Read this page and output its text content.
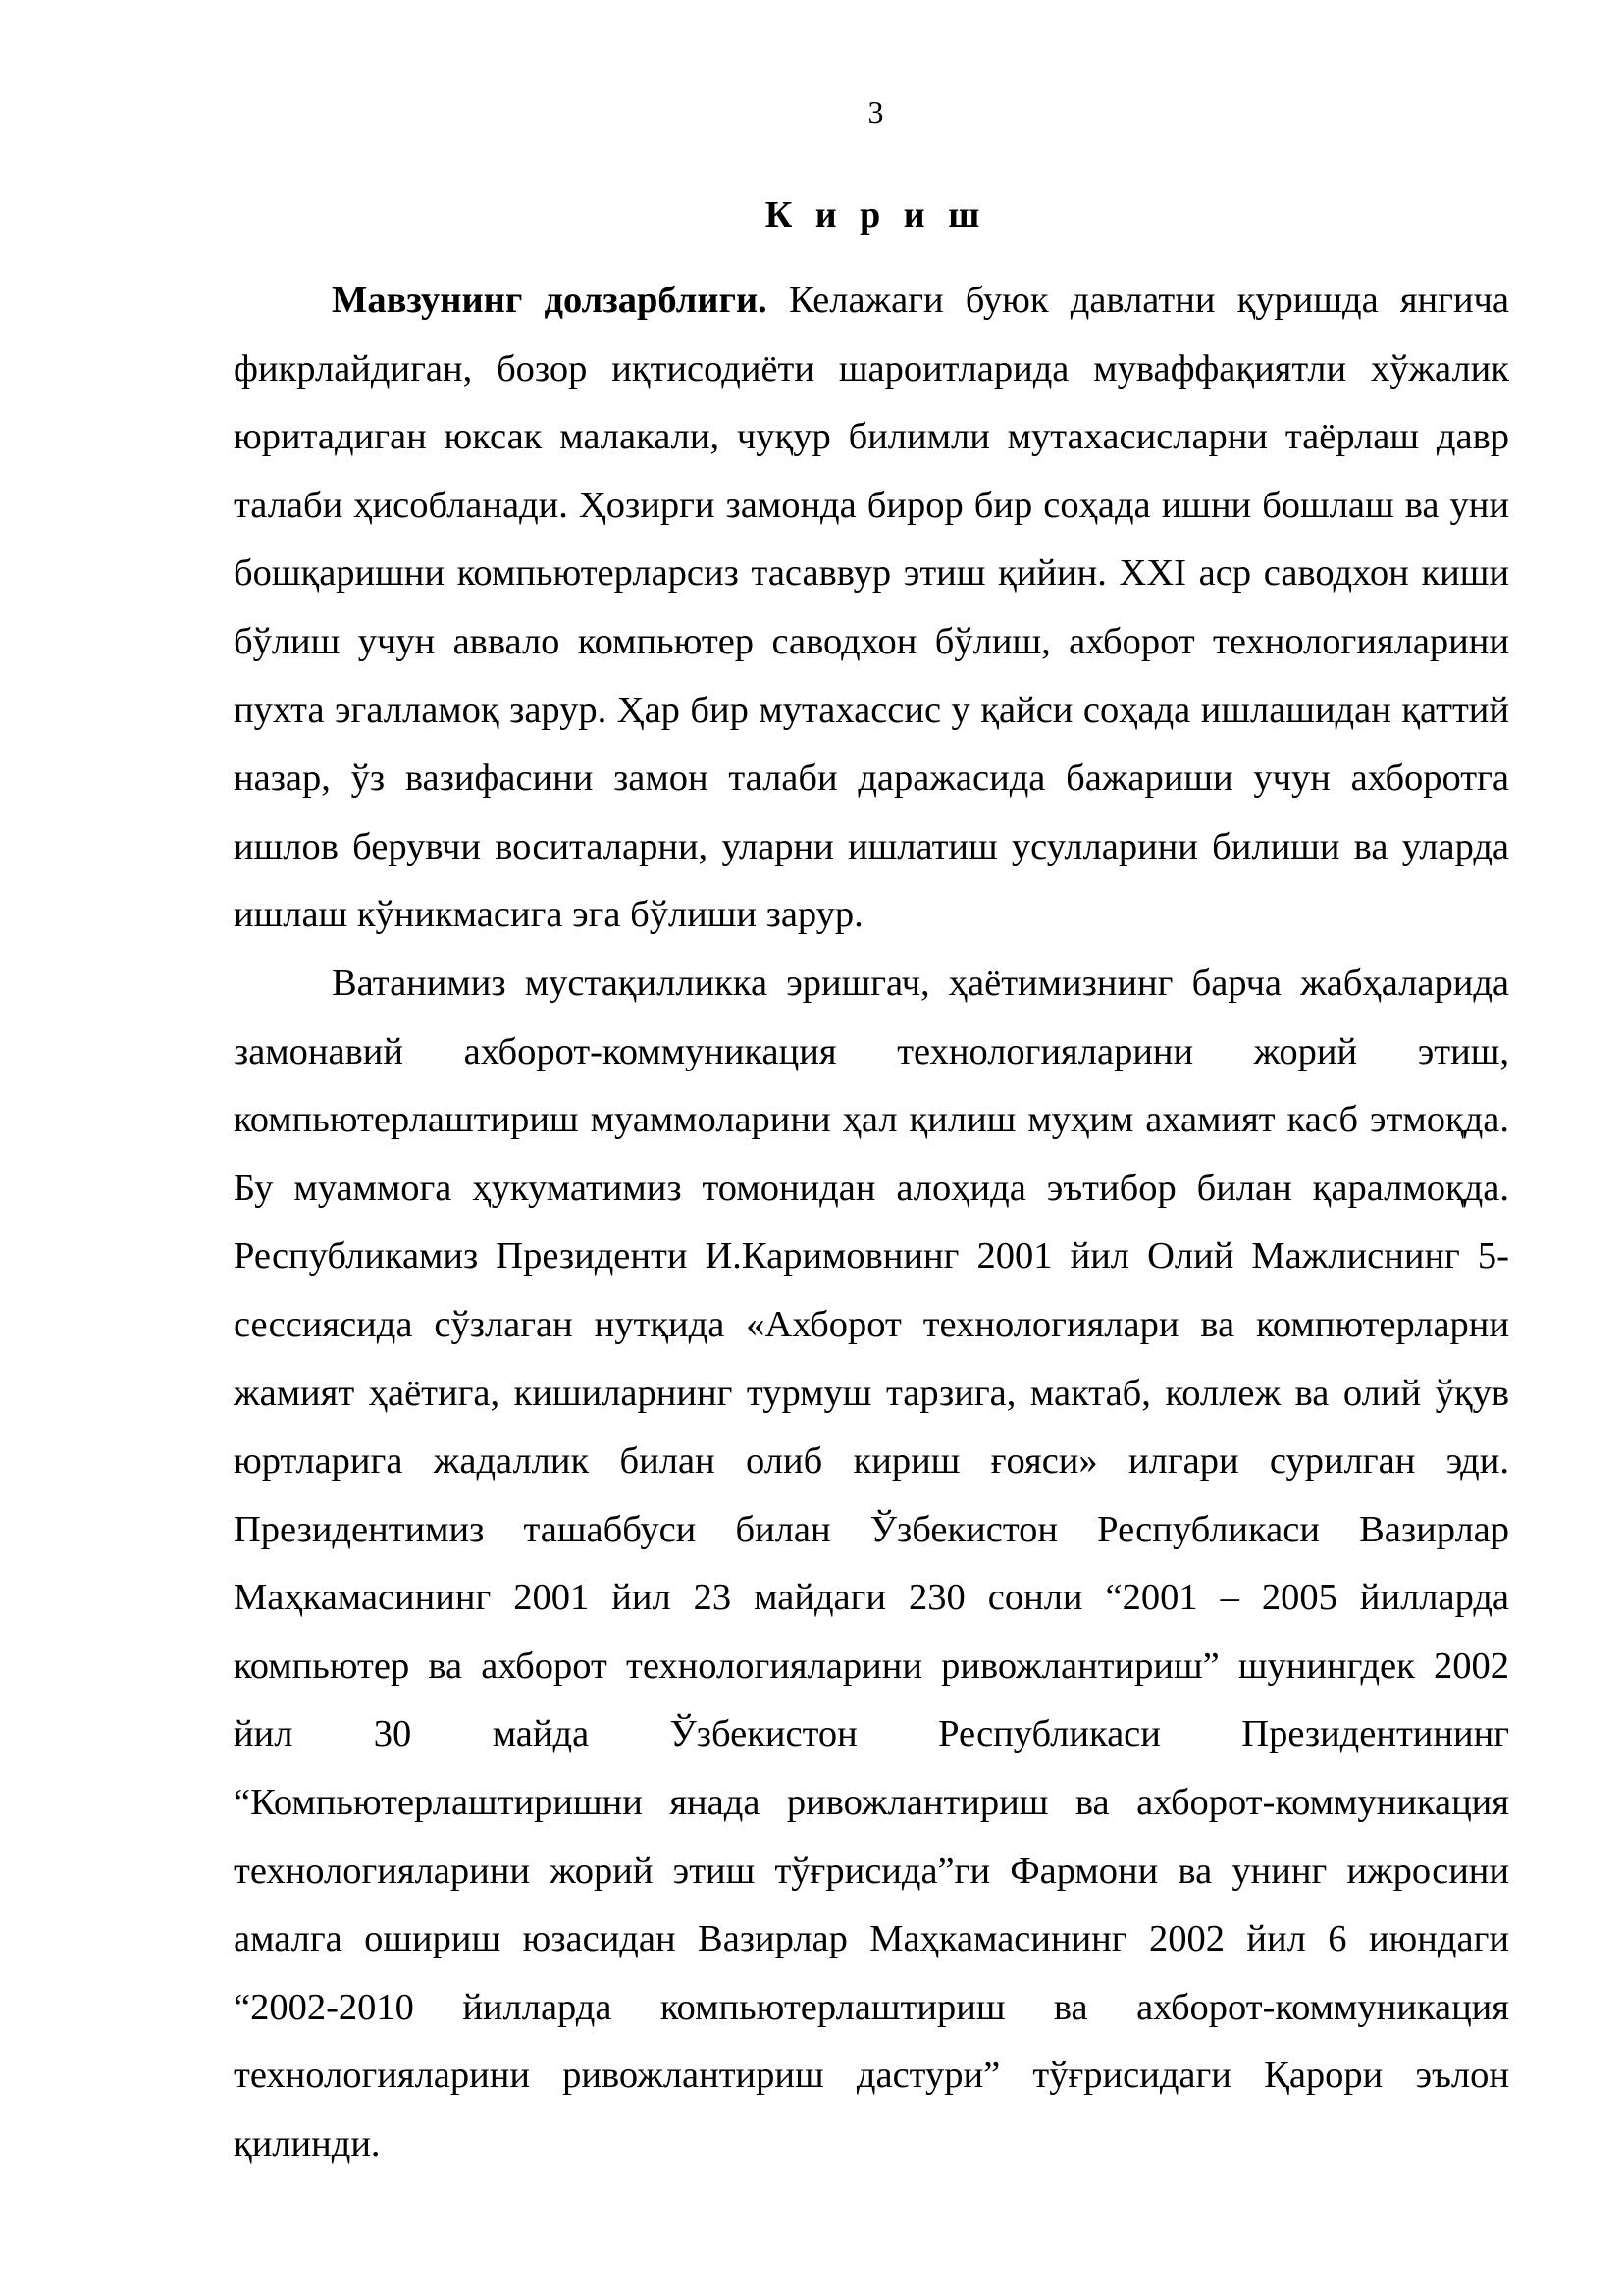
3
К и р и ш

Мавзунинг долзарблиги. Келажаги буюк давлатни қуришда янгича фикрлайдиган, бозор иқтисодиёти шароитларида муваффақиятли хўжалик юритадиган юксак малакали, чуқур билимли мутахасисларни таёрлаш давр талаби ҳисобланади. Ҳозирги замонда бирор бир соҳада ишни бошлаш ва уни бошқаришни компьютерларсиз тасаввур этиш қийин. XXI аср саводхон киши бўлиш учун аввало компьютер саводхон бўлиш, ахборот технологияларини пухта эгалламоқ зарур. Ҳар бир мутахассис у қайси соҳада ишлашидан қаттий назар, ўз вазифасини замон талаби даражасида бажариши учун ахборотга ишлов берувчи воситаларни, уларни ишлатиш усулларини билиши ва уларда ишлаш кўникмасига эга бўлиши зарур.

Ватанимиз мустақилликка эришгач, ҳаётимизнинг барча жабҳаларида замонавий ахборот-коммуникация технологияларини жорий этиш, компьютерлаштириш муаммоларини ҳал қилиш муҳим ахамият касб этмоқда. Бу муаммога ҳукуматимиз томонидан алоҳида эътибор билан қаралмоқда. Республикамиз Президенти И.Каримовнинг 2001 йил Олий Мажлиснинг 5-сессиясида сўзлаган нутқида «Ахборот технологиялари ва компютерларни жамият ҳаётига, кишиларнинг турмуш тарзига, мактаб, коллеж ва олий ўқув юртларига жадаллик билан олиб кириш ғояси» илгари сурилган эди. Президентимиз ташаббуси билан Ўзбекистон Республикаси Вазирлар Маҳкамасининг 2001 йил 23 майдаги 230 сонли “2001 – 2005 йилларда компьютер ва ахборот технологияларини ривожлантириш” шунингдек 2002 йил 30 майда Ўзбекистон Республикаси Президентининг “Компьютерлаштиришни янада ривожлантириш ва ахборот-коммуникация технологияларини жорий этиш тўғрисида”ги Фармони ва унинг ижросини амалга ошириш юзасидан Вазирлар Маҳкамасининг 2002 йил 6 июндаги “2002-2010 йилларда компьютерлаштириш ва ахборот-коммуникация технологияларини ривожлантириш дастури” тўғрисидаги Қарори эълон қилинди.
